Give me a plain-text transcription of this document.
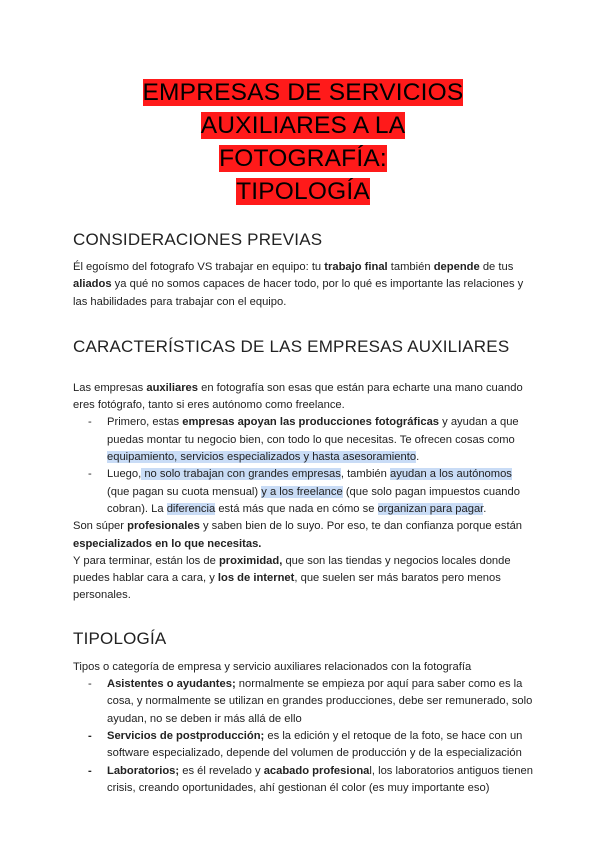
EMPRESAS DE SERVICIOS
AUXILIARES A LA FOTOGRAFÍA:
TIPOLOGÍA
CONSIDERACIONES PREVIAS

Él egoísmo del fotografo VS trabajar en equipo: tu trabajo final también depende de tus aliados ya qué no somos capaces de hacer todo, por lo qué es importante las relaciones y las habilidades para trabajar con el equipo.

CARACTERÍSTICAS DE LAS EMPRESAS AUXILIARES

Las empresas auxiliares en fotografía son esas que están para echarte una mano cuando eres fotógrafo, tanto si eres autónomo como freelance.

- Primero, estas empresas apoyan las producciones fotográficas y ayudan a que puedas montar tu negocio bien, con todo lo que necesitas. Te ofrecen cosas como equipamiento, servicios especializados y hasta asesoramiento.
- Luego, no solo trabajan con grandes empresas, también ayudan a los autónomos (que pagan su cuota mensual) y a los freelance (que solo pagan impuestos cuando cobran). La diferencia está más que nada en cómo se organizan para pagar.

Son súper profesionales y saben bien de lo suyo. Por eso, te dan confianza porque están especializados en lo que necesitas.

Y para terminar, están los de proximidad, que son las tiendas y negocios locales donde puedes hablar cara a cara, y los de internet, que suelen ser más baratos pero menos personales.

TIPOLOGÍA

Tipos o categoría de empresa y servicio auxiliares relacionados con la fotografía

- Asistentes o ayudantes; normalmente se empieza por aquí para saber como es la cosa, y normalmente se utilizan en grandes producciones, debe ser remunerado, solo ayudan, no se deben ir más allá de ello
- Servicios de postproducción; es la edición y el retoque de la foto, se hace con un software especializado, depende del volumen de producción y de la especialización
- Laboratorios; es él revelado y acabado profesional, los laboratorios antiguos tienen crisis, creando oportunidades, ahí gestionan él color (es muy importante eso)
